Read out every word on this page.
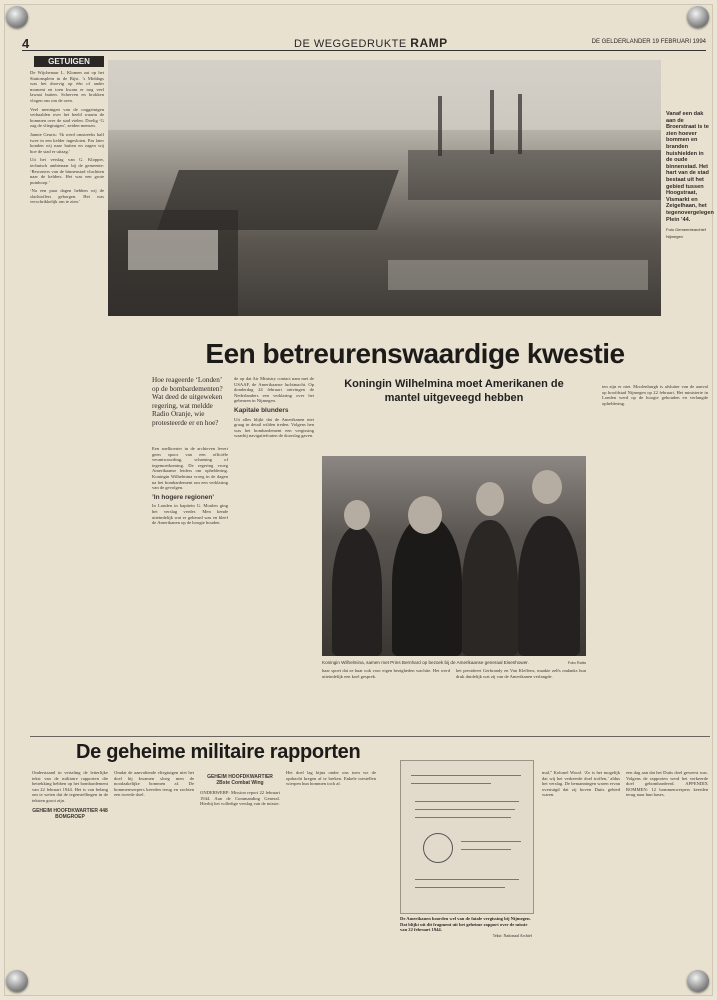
4	DE WEGGEDRUKTE RAMP	DE GELDERLANDER 19 FEBRUARI 1994
GETUIGEN

De Wijchenaar L. Klomen zat op het Stationsplein in de Bijst. ’s Middags was het droevig op één of ander moment en toen kwam er nog veel lawaai buiten. Scherven en brokken vlogen ons om de oren.

Veel meningen van de ooggetuigen verhaalden over het beeld waarin de bommen over de stad vielen. Doelig ‘G zag de vliegtuigen’, zeiden mensen.

Jannie Geurts: ‘Ik werd omstreeks half twee in een kelder ingesloten. Pas later konden wij naar buiten en zagen wij hoe de stad er uitzag.’

Uit het verslag van G. Klopper, technisch ambtenaar bij de gemeente: ‘Bewoners van de binnenstad vluchtten naar de kelders. Het was een grote puinhoop.’

‘Na een paar dagen hebben wij de slachtoffers geborgen. Het was verschrikkelijk om te zien.’

Vanaf een dak aan de Broerstraat is te zien hoever bommen en branden huishielden in de oude binnenstad. Het hart van de stad bestaat uit het gebied tussen Hoogstraat, Vismarkt en Zeigelhaan, het tegenovergelegen Plein ’44.
Foto Gemeentearchief Nijmegen
Een betreurenswaardige kwestie
Hoe reageerde ‘Londen’ op de bombardementen? Wat deed de uitgeweken regering, wat meldde Radio Oranje, wie protesteerde er en hoe?

Een snelkoerier in de archieven levert geen spoor van een officiële verantwoording, schaming of tegemoetkoming. De regering vroeg Amerikaanse leiders om opheldering. Koningin Wilhelmina vroeg in de dagen na het bombardement om een verklaring van de gevolgen.

’In hogere regionen’

In Londen in kapitein G. Moulen ging het verslag verder. Men kende uiteindelijk wat er gebeurd was en bleef de Amerikanen op de hoogte houden.

de op dat Air Ministry contact nam met de USAAF, de Amerikaanse luchtmacht. Op donderdag 24 februari ontvingen de Nederlanders een verklaring over het gebeuren in Nijmegen.

Kapitale blunders

Uit alles blijkt dat de Amerikanen niet graag in detail wilden treden. Volgens hen was het bombardement een vergissing waarbij navigatiefouten de doorslag gaven.

Koningin Wilhelmina moet Amerikanen de mantel uitgeveegd hebben
Koningin Wilhelmina, samen met Prins Bernhard op bezoek bij de Amerikaanse generaal Eisenhower.	Foto Ruits
haar spoet dat ze haar ook voor eigen bezigheden wachtte. Het werd uiteindelijk een koel gesprek.
het presideert Gerbrandy en Van Kleffens, maakte zelfs ondanks hun druk duidelijk wat zij van de Amerikanen verlangde.
ten zijn er niet. Moolenburgh is afsluiter van de aanval op hoofdstad Nijmegen op 22 februari. Het ministerie in Londen werd op de hoogte gehouden en verlangde opheldering.
De geheime militaire rapporten

Onderstaand in vertaling de letterlijke tekst van de militaire rapporten die betrekking hebben op het bombardement van 22 februari 1944. Het is van belang om te weten dat de tegenstellingen in de teksten groot zijn.

GEHEIM HOOFDKWARTIER 448 BOMGROEP
Omdat de aanvaliende vliegtuigen niet het doel bij kwamen sloeg men de noodzakelijke bommen af. De bommenwerpers keerden terug en zochten een tweede doel.
GEHEIM HOOFDKWARTIER 2Bste Combat Wing

ONDERWERP: Mission report 22 februari 1944. Aan de Commanding General. Hierbij het volledige verslag van de missie.

Het doel lag bijna onder ons toen we de opdracht kregen af te breken. Enkele toestellen wierpen hun bommen toch af.
De Amerikanen hoorden wel van de fatale vergissing bij Nijmegen. Dat blijkt uit dit fragment uit het geheime rapport over de missie van 22 februari 1944.
Tekst: Nationaal Archief
mal,” Kolonel Wood. ‘Zo is het mogelijk dat wij het verkeerde doel troffen,’ aldus het verslag. De bemanningen waren ervan overtuigd dat zij boven Duits gebied waren.
een dag aan dat het Duits doel geweest was. Volgens de rapporten werd het verkeerde doel gebombardeerd. APPENDIX ROMMEN: 12 bommenwerpers keerden terug naar hun bases.
